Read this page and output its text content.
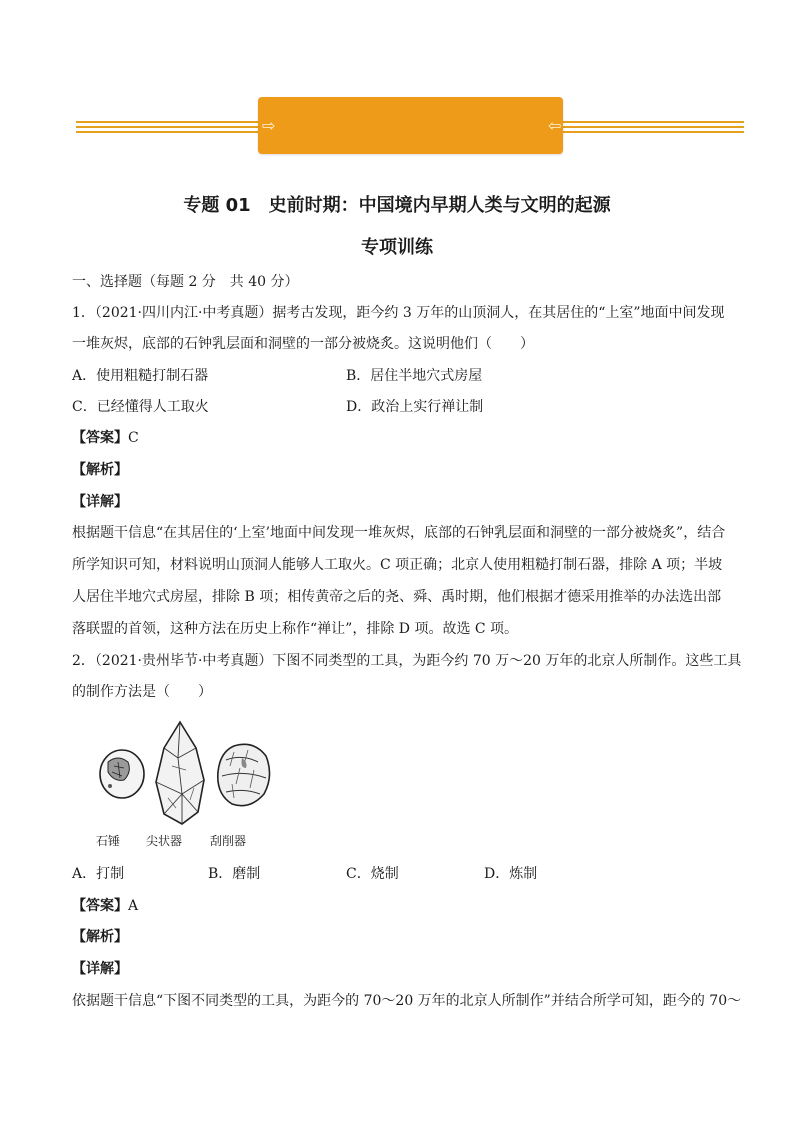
⇨	⇦
专题 01　史前时期：中国境内早期人类与文明的起源
专项训练
一、选择题（每题 2 分　共 40 分）
1．（2021·四川内江·中考真题）据考古发现，距今约 3 万年的山顶洞人，在其居住的“上室”地面中间发现
一堆灰烬，底部的石钟乳层面和洞壁的一部分被烧炙。这说明他们（　　）
A．使用粗糙打制石器	B．居住半地穴式房屋
C．已经懂得人工取火	D．政治上实行禅让制
【答案】C
【解析】
【详解】
根据题干信息“在其居住的‘上室’地面中间发现一堆灰烬，底部的石钟乳层面和洞壁的一部分被烧炙”，结合
所学知识可知，材料说明山顶洞人能够人工取火。C 项正确；北京人使用粗糙打制石器，排除 A 项；半坡
人居住半地穴式房屋，排除 B 项；相传黄帝之后的尧、舜、禹时期，他们根据才德采用推举的办法选出部
落联盟的首领，这种方法在历史上称作“禅让”，排除 D 项。故选 C 项。
2．（2021·贵州毕节·中考真题）下图不同类型的工具，为距今约 70 万～20 万年的北京人所制作。这些工具
的制作方法是（　　）
石锤 尖状器 刮削器
A．打制	B．磨制	C．烧制	D．炼制
【答案】A
【解析】
【详解】
依据题干信息“下图不同类型的工具，为距今的 70～20 万年的北京人所制作”并结合所学可知，距今的 70～
